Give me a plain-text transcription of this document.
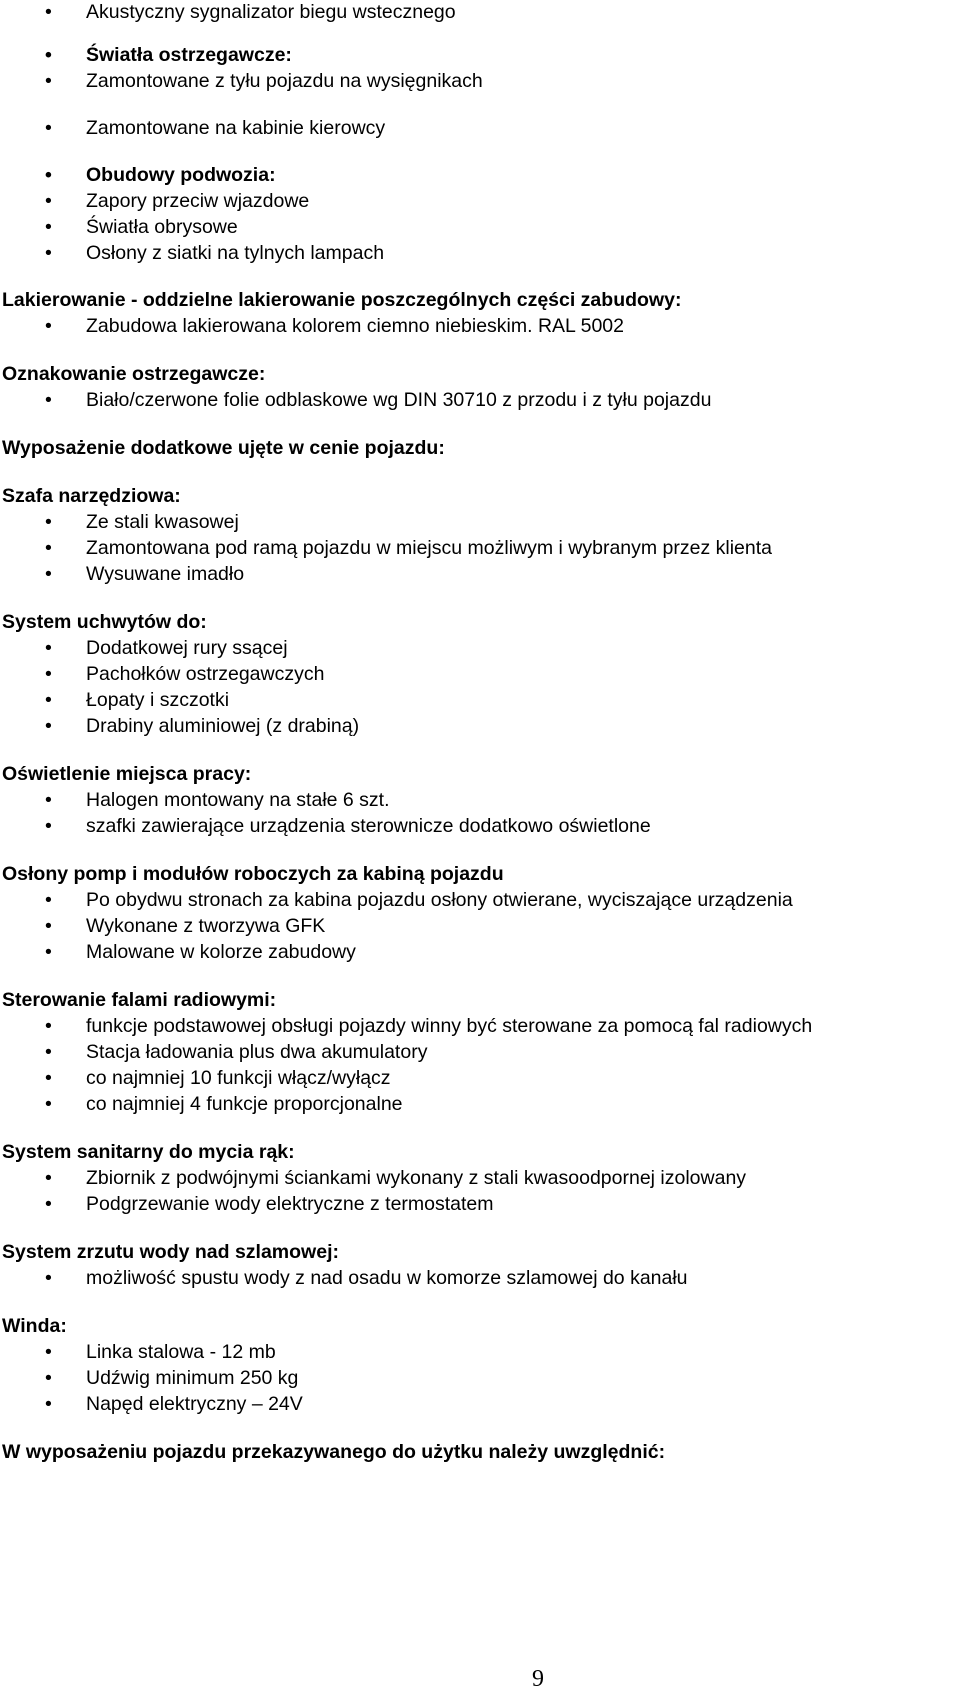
• Akustyczny sygnalizator biegu wstecznego
• Światła ostrzegawcze:
• Zamontowane z tyłu pojazdu na wysięgnikach
• Zamontowane na kabinie kierowcy
• Obudowy podwozia:
• Zapory przeciw wjazdowe
• Światła obrysowe
• Osłony z siatki na tylnych lampach
Lakierowanie - oddzielne lakierowanie poszczególnych części zabudowy:
• Zabudowa lakierowana kolorem ciemno niebieskim. RAL 5002
Oznakowanie ostrzegawcze:
• Biało/czerwone folie odblaskowe wg DIN 30710 z przodu i z tyłu pojazdu
Wyposażenie dodatkowe ujęte w cenie pojazdu:
Szafa narzędziowa:
• Ze stali kwasowej
• Zamontowana pod ramą pojazdu w miejscu możliwym i wybranym przez klienta
• Wysuwane imadło
System uchwytów do:
• Dodatkowej rury ssącej
• Pachołków ostrzegawczych
• Łopaty i szczotki
• Drabiny aluminiowej (z drabiną)
Oświetlenie miejsca pracy:
• Halogen montowany na stałe 6 szt.
• szafki zawierające urządzenia sterownicze dodatkowo oświetlone
Osłony pomp i modułów roboczych za kabiną pojazdu
• Po obydwu stronach za kabina pojazdu osłony otwierane, wyciszające urządzenia
• Wykonane z tworzywa GFK
• Malowane w kolorze zabudowy
Sterowanie falami radiowymi:
• funkcje podstawowej obsługi pojazdy winny być sterowane za pomocą fal radiowych
• Stacja ładowania plus dwa akumulatory
• co najmniej 10 funkcji włącz/wyłącz
• co najmniej 4 funkcje proporcjonalne
System sanitarny do mycia rąk:
• Zbiornik z podwójnymi ściankami wykonany z stali kwasoodpornej izolowany
• Podgrzewanie wody elektryczne z termostatem
System zrzutu wody nad szlamowej:
• możliwość spustu wody z nad osadu w komorze szlamowej do kanału
Winda:
• Linka stalowa - 12 mb
• Udźwig minimum 250 kg
• Napęd elektryczny – 24V
W wyposażeniu pojazdu przekazywanego do użytku należy uwzględnić:
9
